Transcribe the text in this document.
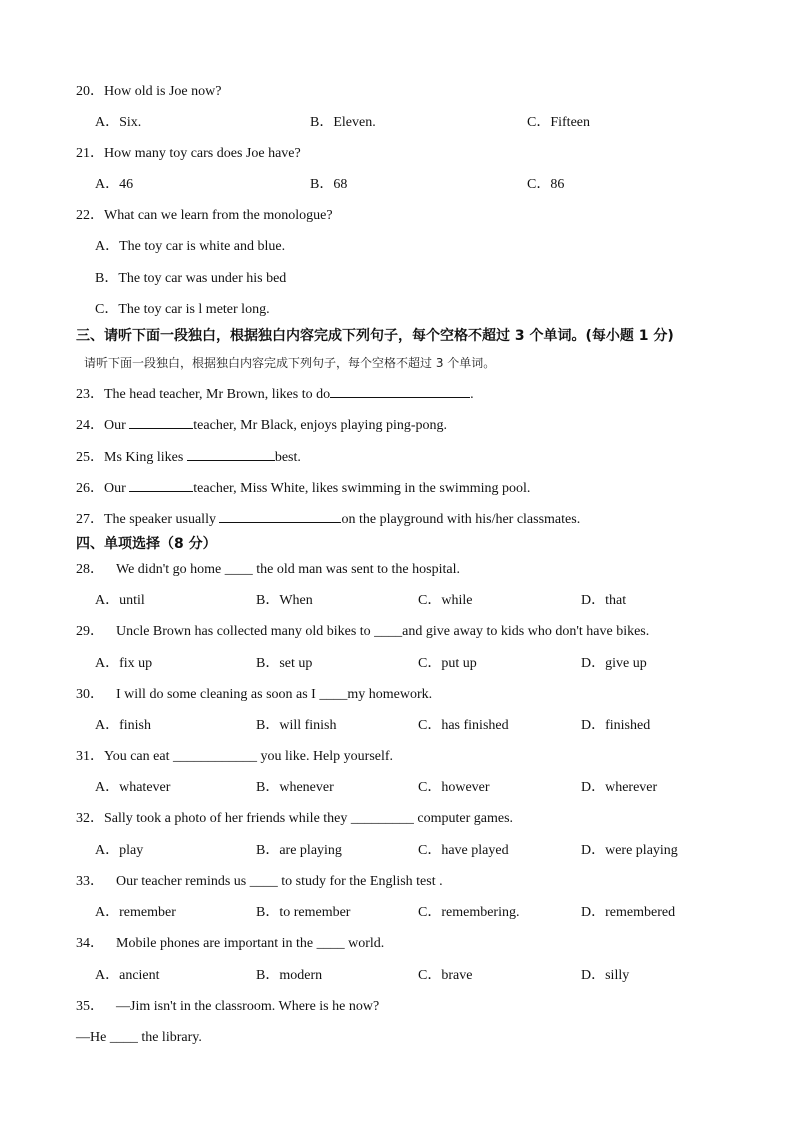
20．How old is Joe now?
A．Six.	B．Eleven.	C．Fifteen
21．How many toy cars does Joe have?
A．46	B．68	C．86
22．What can we learn from the monologue?
A．The toy car is white and blue.
B．The toy car was under his bed
C．The toy car is l meter long.
三、请听下面一段独白，根据独白内容完成下列句子，每个空格不超过 3 个单词。(每小题 1 分)
请听下面一段独白，根据独白内容完成下列句子，每个空格不超过 3 个单词。
23．The head teacher, Mr Brown, likes to do	.
24．Our	teacher, Mr Black, enjoys playing ping-pong.
25．Ms King likes	best.
26．Our	teacher, Miss White, likes swimming in the swimming pool.
27．The speaker usually	on the playground with his/her classmates.
四、单项选择（8 分）
28． We didn't go home ____ the old man was sent to the hospital.
A．until	B．When	C．while	D．that
29． Uncle Brown has collected many old bikes to ____and give away to kids who don't have bikes.
A．fix up	B．set up	C．put up	D．give up
30． I will do some cleaning as soon as I ____my homework.
A．finish	B．will finish	C．has finished	D．finished
31．You can eat ____________ you like. Help yourself.
A．whatever	B．whenever	C．however	D．wherever
32．Sally took a photo of her friends while they _________ computer games.
A．play	B．are playing	C．have played	D．were playing
33． Our teacher reminds us ____ to study for the English test .
A．remember	B．to remember	C．remembering.	D．remembered
34． Mobile phones are important in the ____ world.
A．ancient	B．modern	C．brave	D．silly
35． —Jim isn't in the classroom. Where is he now?
—He ____ the library.
